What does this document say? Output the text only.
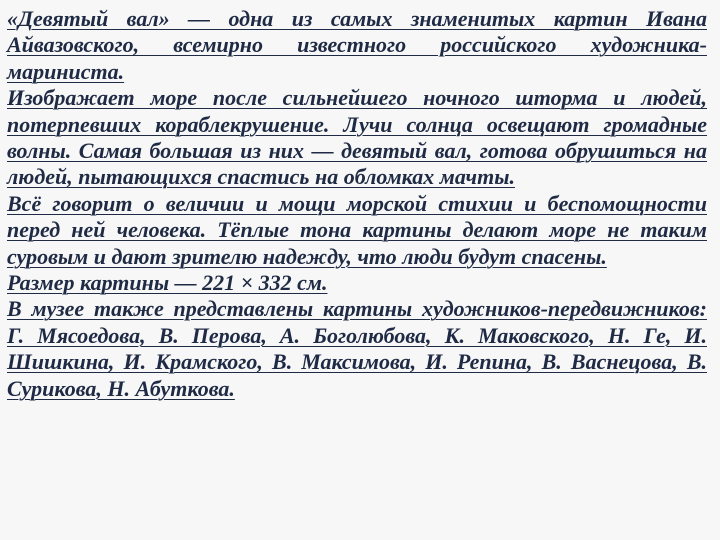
«Девятый вал» — одна из самых знаменитых картин Ивана Айвазовского, всемирно известного российского художника-мариниста.

Изображает море после сильнейшего ночного шторма и людей, потерпевших кораблекрушение. Лучи солнца освещают громадные волны. Самая большая из них — девятый вал, готова обрушиться на людей, пытающихся спастись на обломках мачты.

Всё говорит о величии и мощи морской стихии и беспомощности перед ней человека. Тёплые тона картины делают море не таким суровым и дают зрителю надежду, что люди будут спасены.

Размер картины — 221 × 332 см.

В музее также представлены картины художников-передвижников: Г. Мясоедова, В. Перова, А. Боголюбова, К. Маковского, Н. Ге, И. Шишкина, И. Крамского, В. Максимова, И. Репина, В. Васнецова, В. Сурикова, Н. Абуткова.
